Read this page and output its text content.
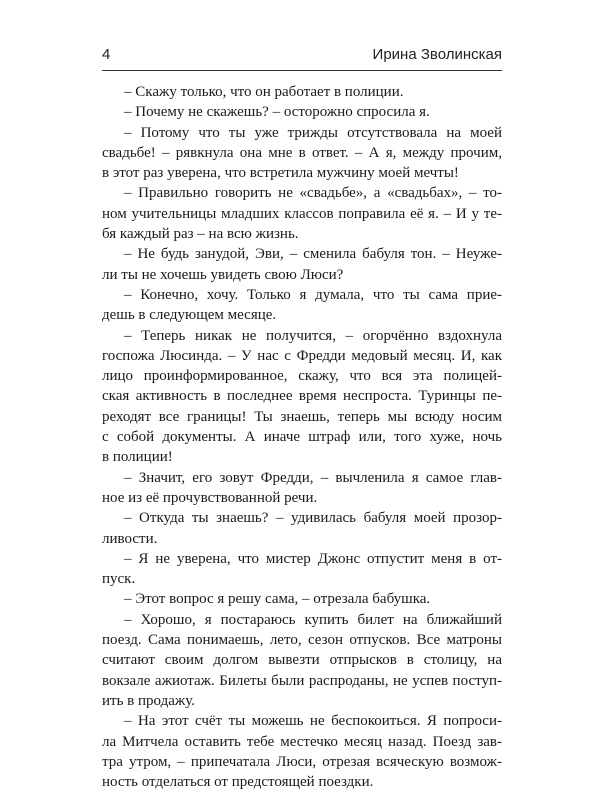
4	Ирина Зволинская
– Скажу только, что он работает в полиции.
– Почему не скажешь? – осторожно спросила я.
– Потому что ты уже трижды отсутствовала на моей
свадьбе! – рявкнула она мне в ответ. – А я, между прочим,
в этот раз уверена, что встретила мужчину моей мечты!
– Правильно говорить не «свадьбе», а «свадьбах», – то-
ном учительницы младших классов поправила её я. – И у те-
бя каждый раз – на всю жизнь.
– Не будь занудой, Эви, – сменила бабуля тон. – Неуже-
ли ты не хочешь увидеть свою Люси?
– Конечно, хочу. Только я думала, что ты сама прие-
дешь в следующем месяце.
– Теперь никак не получится, – огорчённо вздохнула
госпожа Люсинда. – У нас с Фредди медовый месяц. И, как
лицо проинформированное, скажу, что вся эта полицей-
ская активность в последнее время неспроста. Туринцы пе-
реходят все границы! Ты знаешь, теперь мы всюду носим
с собой документы. А иначе штраф или, того хуже, ночь
в полиции!
– Значит, его зовут Фредди, – вычленила я самое глав-
ное из её прочувствованной речи.
– Откуда ты знаешь? – удивилась бабуля моей прозор-
ливости.
– Я не уверена, что мистер Джонс отпустит меня в от-
пуск.
– Этот вопрос я решу сама, – отрезала бабушка.
– Хорошо, я постараюсь купить билет на ближайший
поезд. Сама понимаешь, лето, сезон отпусков. Все матроны
считают своим долгом вывезти отпрысков в столицу, на
вокзале ажиотаж. Билеты были распроданы, не успев поступ-
ить в продажу.
– На этот счёт ты можешь не беспокоиться. Я попроси-
ла Митчела оставить тебе местечко месяц назад. Поезд зав-
тра утром, – припечатала Люси, отрезая всяческую возмож-
ность отделаться от предстоящей поездки.
